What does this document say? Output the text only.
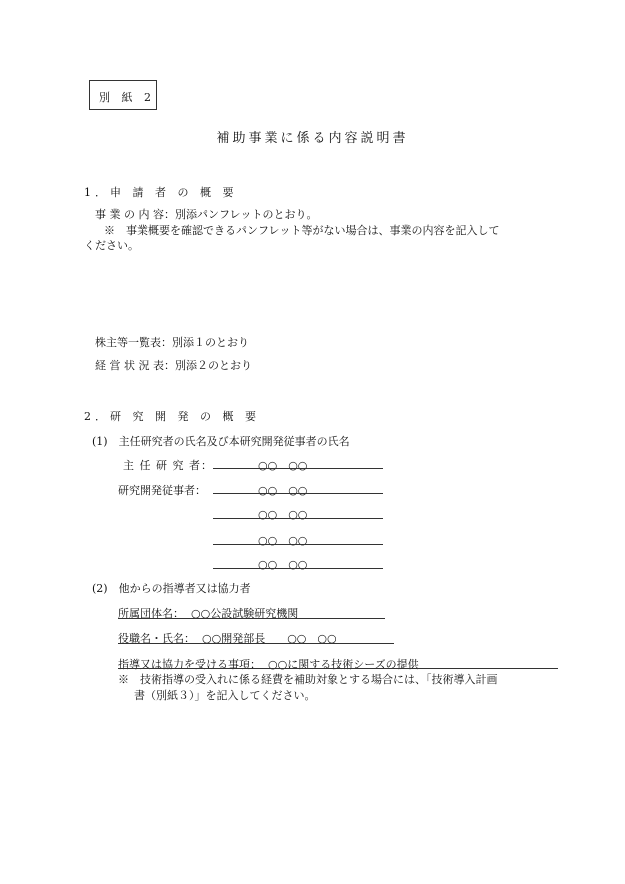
別 紙 2
補助事業に係る内容説明書
1．申 請 者 の 概 要
事 業 の 内 容：別添パンフレットのとおり。
※　事業概要を確認できるパンフレット等がない場合は、事業の内容を記入して
ください。
株主等一覧表：別添１のとおり
経 営 状 況 表：別添２のとおり
2．研 究 開 発 の 概 要
(1)　主任研究者の氏名及び本研究開発従事者の氏名
主 任 研 究 者：	○○　○○
研究開発従事者：	○○　○○
○○　○○
○○　○○
○○　○○
(2)　他からの指導者又は協力者
所属団体名： ○○公設試験研究機関
役職名・氏名： ○○開発部長　　○○　○○
指導又は協力を受ける事項： ○○に関する技術シーズの提供
※　技術指導の受入れに係る経費を補助対象とする場合には、「技術導入計画
書（別紙３）」を記入してください。
